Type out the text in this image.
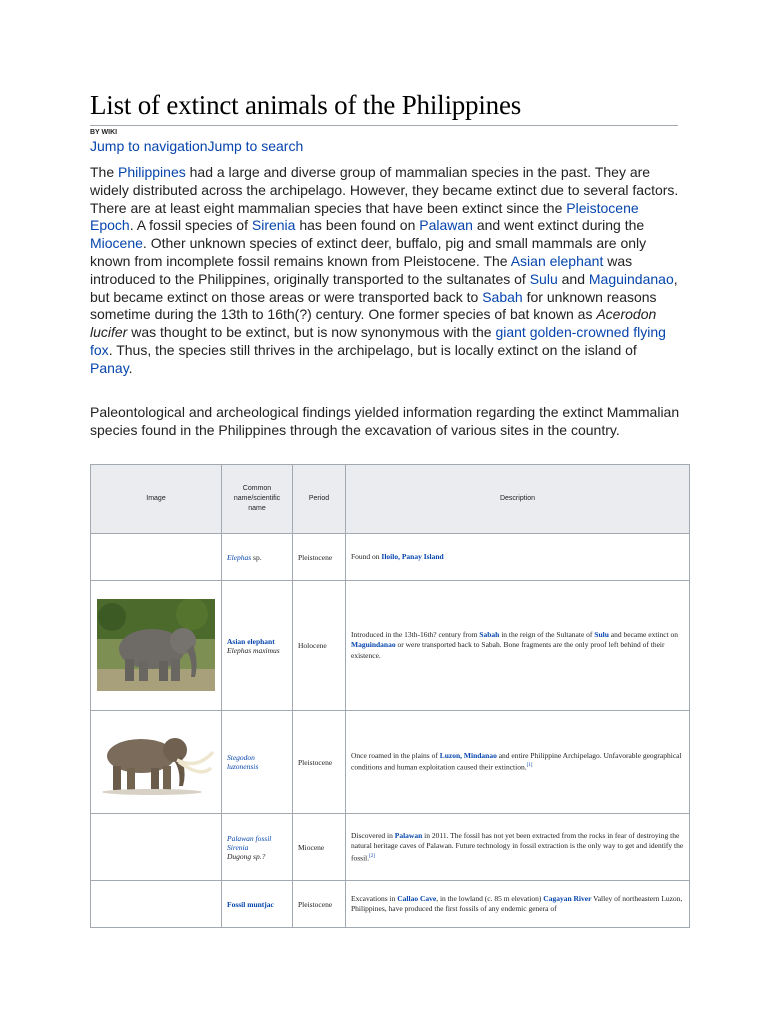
List of extinct animals of the Philippines
BY WIKI
Jump to navigationJump to search

The Philippines had a large and diverse group of mammalian species in the past. They are widely distributed across the archipelago. However, they became extinct due to several factors. There are at least eight mammalian species that have been extinct since the Pleistocene Epoch. A fossil species of Sirenia has been found on Palawan and went extinct during the Miocene. Other unknown species of extinct deer, buffalo, pig and small mammals are only known from incomplete fossil remains known from Pleistocene. The Asian elephant was introduced to the Philippines, originally transported to the sultanates of Sulu and Maguindanao, but became extinct on those areas or were transported back to Sabah for unknown reasons sometime during the 13th to 16th(?) century. One former species of bat known as Acerodon lucifer was thought to be extinct, but is now synonymous with the giant golden-crowned flying fox. Thus, the species still thrives in the archipelago, but is locally extinct on the island of Panay.

Paleontological and archeological findings yielded information regarding the extinct Mammalian species found in the Philippines through the excavation of various sites in the country.

Image	Common name/scientific name	Period	Description
	Elephas sp.	Pleistocene	Found on Iloilo, Panay Island

Asian elephant
Elephas maximus	Holocene	Introduced in the 13th-16th? century from Sabah in the reign of the Sultanate of Sulu and became extinct on Maguindanao or were transported back to Sabah. Bone fragments are the only proof left behind of their existence.
	Stegodon luzonensis	Pleistocene	Once roamed in the plains of Luzon, Mindanao and entire Philippine Archipelago. Unfavorable geographical conditions and human exploitation caused their extinction.[1]

	Palawan fossil Sirenia
Dugong sp.?	Miocene	Discovered in Palawan in 2011. The fossil has not yet been extracted from the rocks in fear of destroying the natural heritage caves of Palawan. Future technology in fossil extraction is the only way to get and identify the fossil.[2]

	Fossil muntjac	Pleistocene	Excavations in Callao Cave, in the lowland (c. 85 m elevation) Cagayan River Valley of northeastern Luzon, Philippines, have produced the first fossils of any endemic genera of
